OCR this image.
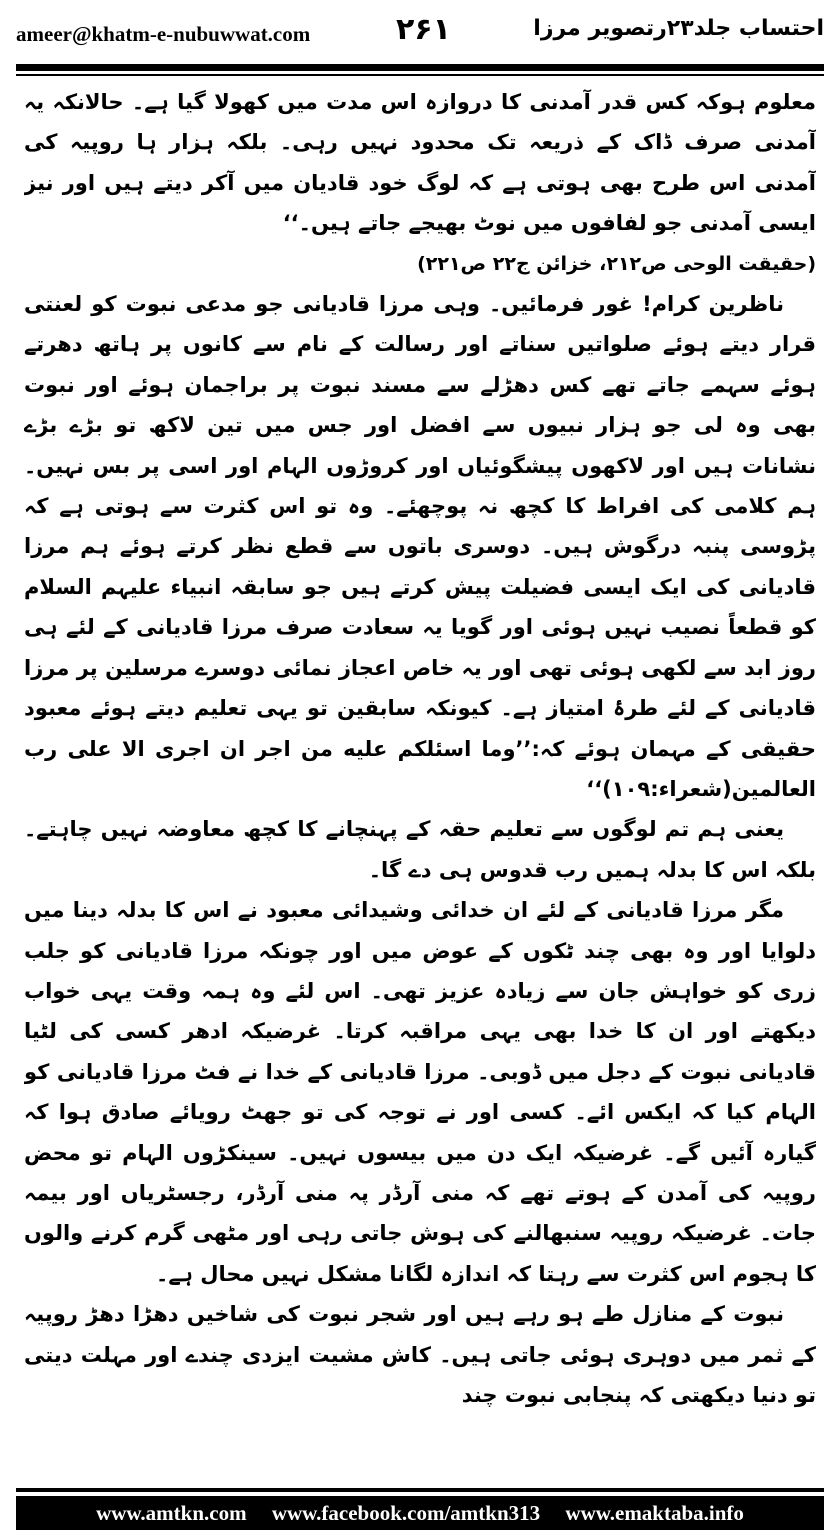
ameer@khatm-e-nubuwwat.com	۲۶۱	احتساب جلد۲۳رتصویر مرزا

معلوم ہوکہ کس قدر آمدنی کا دروازہ اس مدت میں کھولا گیا ہے۔ حالانکہ یہ آمدنی صرف ڈاک کے ذریعہ تک محدود نہیں رہی۔ بلکہ ہزار ہا روپیہ کی آمدنی اس طرح بھی ہوتی ہے کہ لوگ خود قادیان میں آکر دیتے ہیں اور نیز ایسی آمدنی جو لفافوں میں نوٹ بھیجے جاتے ہیں۔‘‘

(حقیقت الوحی ص۲۱۲، خزائن ج۲۲ ص۲۲۱)

ناظرین کرام! غور فرمائیں۔ وہی مرزا قادیانی جو مدعی نبوت کو لعنتی قرار دیتے ہوئے صلواتیں سناتے اور رسالت کے نام سے کانوں پر ہاتھ دھرتے ہوئے سہمے جاتے تھے کس دھڑلے سے مسند نبوت پر براجمان ہوئے اور نبوت بھی وہ لی جو ہزار نبیوں سے افضل اور جس میں تین لاکھ تو بڑے بڑے نشانات ہیں اور لاکھوں پیشگوئیاں اور کروڑوں الہام اور اسی پر بس نہیں۔ ہم کلامی کی افراط کا کچھ نہ پوچھئے۔ وہ تو اس کثرت سے ہوتی ہے کہ پڑوسی پنبہ درگوش ہیں۔ دوسری باتوں سے قطع نظر کرتے ہوئے ہم مرزا قادیانی کی ایک ایسی فضیلت پیش کرتے ہیں جو سابقہ انبیاء علیہم السلام کو قطعاً نصیب نہیں ہوئی اور گویا یہ سعادت صرف مرزا قادیانی کے لئے ہی روز ابد سے لکھی ہوئی تھی اور یہ خاص اعجاز نمائی دوسرے مرسلین پر مرزا قادیانی کے لئے طرۂ امتیاز ہے۔ کیونکہ سابقین تو یہی تعلیم دیتے ہوئے معبود حقیقی کے مہمان ہوئے کہ:’’وما اسئلکم علیه من اجر ان اجری الا علی رب العالمین(شعراء:۱۰۹)‘‘

یعنی ہم تم لوگوں سے تعلیم حقہ کے پہنچانے کا کچھ معاوضہ نہیں چاہتے۔ بلکہ اس کا بدلہ ہمیں رب قدوس ہی دے گا۔

مگر مرزا قادیانی کے لئے ان خدائی وشیدائی معبود نے اس کا بدلہ دینا میں دلوایا اور وہ بھی چند ٹکوں کے عوض میں اور چونکہ مرزا قادیانی کو جلب زری کو خواہش جان سے زیادہ عزیز تھی۔ اس لئے وہ ہمہ وقت یہی خواب دیکھتے اور ان کا خدا بھی یہی مراقبہ کرتا۔ غرضیکہ ادھر کسی کی لٹیا قادیانی نبوت کے دجل میں ڈوبی۔ مرزا قادیانی کے خدا نے فٹ مرزا قادیانی کو الہام کیا کہ ایکس ائے۔ کسی اور نے توجہ کی تو جھٹ رویائے صادق ہوا کہ گیارہ آئیں گے۔ غرضیکہ ایک دن میں بیسوں نہیں۔ سینکڑوں الہام تو محض روپیہ کی آمدن کے ہوتے تھے کہ منی آرڈر پہ منی آرڈر، رجسٹریاں اور بیمہ جات۔ غرضیکہ روپیہ سنبھالنے کی ہوش جاتی رہی اور مٹھی گرم کرنے والوں کا ہجوم اس کثرت سے رہتا کہ اندازہ لگانا مشکل نہیں محال ہے۔

نبوت کے منازل طے ہو رہے ہیں اور شجر نبوت کی شاخیں دھڑا دھڑ روپیہ کے ثمر میں دوہری ہوئی جاتی ہیں۔ کاش مشیت ایزدی چندے اور مہلت دیتی تو دنیا دیکھتی کہ پنجابی نبوت چند

www.amtkn.com www.facebook.com/amtkn313 www.emaktaba.info
